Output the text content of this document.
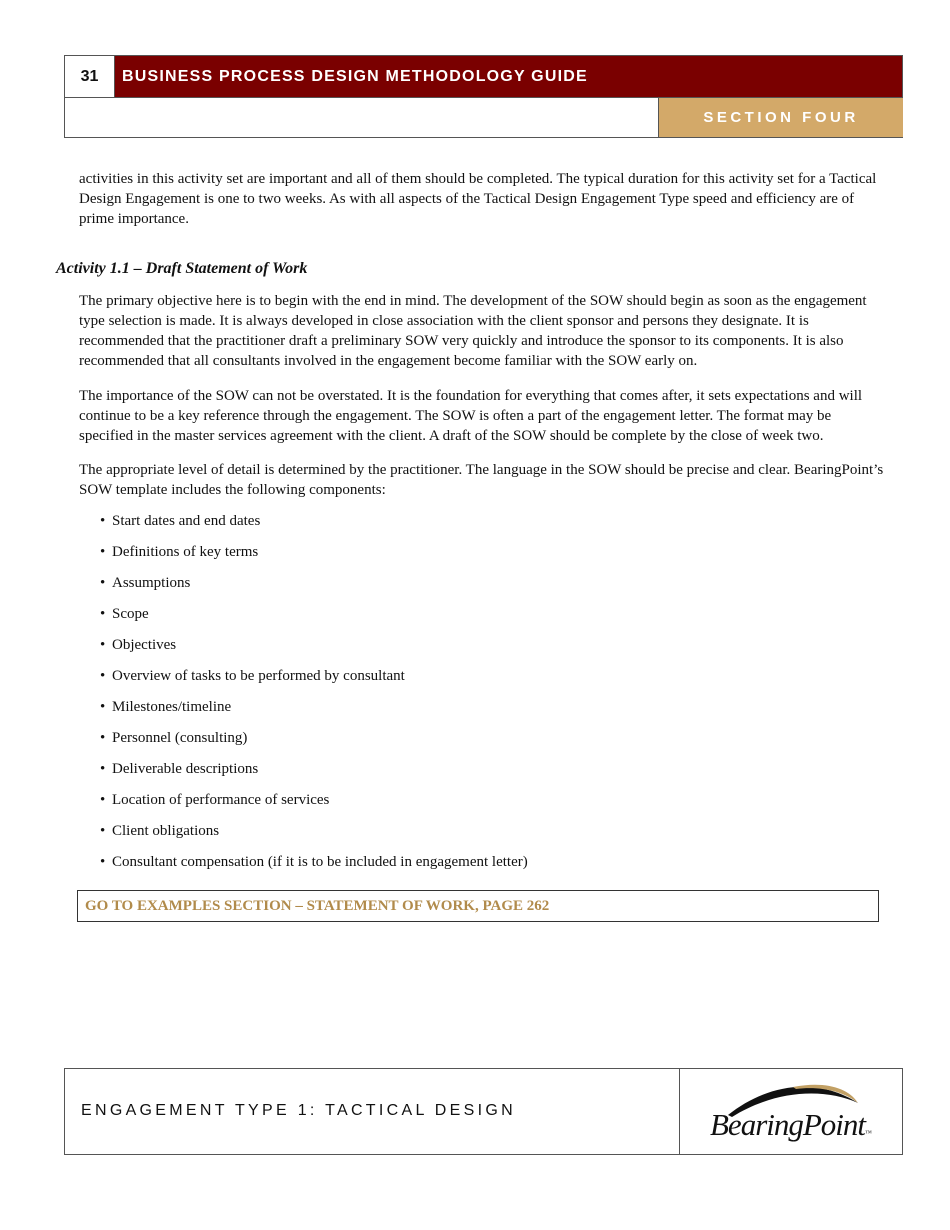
31	BUSINESS PROCESS DESIGN METHODOLOGY GUIDE
SECTION FOUR

activities in this activity set are important and all of them should be completed. The typical duration for this activity set for a Tactical Design Engagement is one to two weeks. As with all aspects of the Tactical Design Engagement Type speed and efficiency are of prime importance.

Activity 1.1 – Draft Statement of Work

The primary objective here is to begin with the end in mind. The development of the SOW should begin as soon as the engagement type selection is made. It is always developed in close association with the client sponsor and persons they designate. It is recommended that the practitioner draft a preliminary SOW very quickly and introduce the sponsor to its components. It is also recommended that all consultants involved in the engagement become familiar with the SOW early on.

The importance of the SOW can not be overstated. It is the foundation for everything that comes after, it sets expectations and will continue to be a key reference through the engagement. The SOW is often a part of the engagement letter. The format may be specified in the master services agreement with the client. A draft of the SOW should be complete by the close of week two.

The appropriate level of detail is determined by the practitioner. The language in the SOW should be precise and clear. BearingPoint’s SOW template includes the following components:

• Start dates and end dates
• Definitions of key terms
• Assumptions
• Scope
• Objectives
• Overview of tasks to be performed by consultant
• Milestones/timeline
• Personnel (consulting)
• Deliverable descriptions
• Location of performance of services
• Client obligations
• Consultant compensation (if it is to be included in engagement letter)
GO TO EXAMPLES SECTION – STATEMENT OF WORK, PAGE 262
ENGAGEMENT TYPE 1: TACTICAL DESIGN	BearingPoint™
